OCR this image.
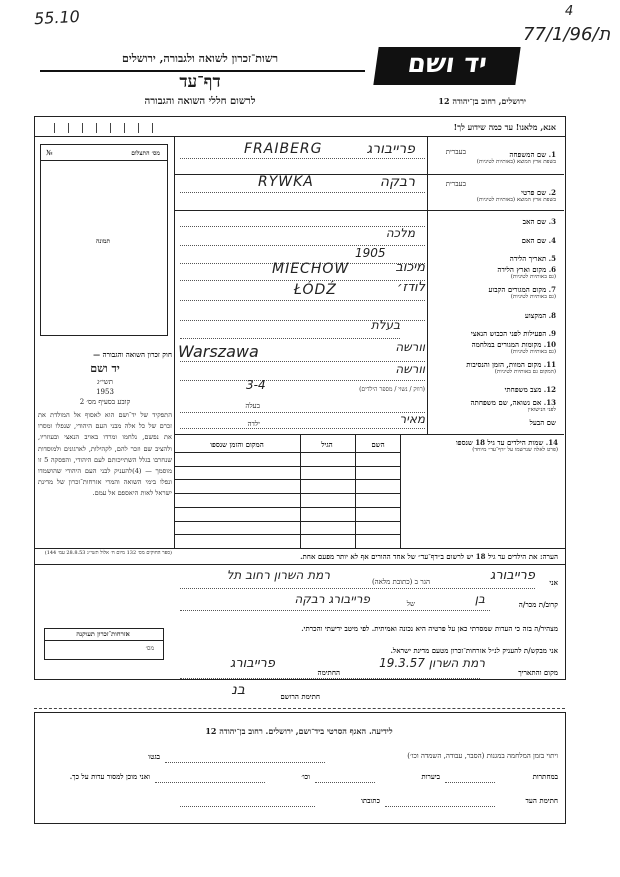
55.10
ת/77/1/96
4
רשות־זכרון לשואה ולגבורה, ירושלים
דף־עד
לרשום חללי השואה והגבורה
יד ושם
ירושלים, רחוב בן־יהודה 12
אנא, מלאנו! עד כמה שידוע לך!
№	מס׳ התצלום
תמונה
חוק זכרון השואה והגבורה —
יד ושם
תשי״ג
1953
קובע בסעיף מס׳ 2
התפקיד של יד־ושם הוא לאסוף אל המולדת את זכרם של כל אלה מבני העם היהודי, שנפלו ומסרו את נפשם, נלחמו ומרדו באויב הנאצי ובעוזריו, ולהציב שם וזכר להם, לקהילות, לארגונים ולמוסדות שנחרבו בגלל השתייכותם לעם היהודי, והפסקה 5 זו מוסמך — (4)להעניק לבני העם היהודי שהושמדו ונפלו בימי השואה והמרי אזרחות־זכרון של מדינת ישראל לאות היאספם אל עמם.
(ספר החוקים מס׳ 132 מיום ח׳ אלול תשי״ג 28.8.53 עמ׳ 144)
אזרחות־זכרון תעוקנה
מס׳
1. שם המשפחה
בשפת ארץ המוצא (באותיות לטיניות)
בעברית
פרייבורג
FRAIBERG
2. שם פרטי
בשפת ארץ המוצא (באותיות לטיניות)
בעברית
רבקה
RYWKA
3. שם האב
4. שם האם
מלכה
5. תאריך הלידה
1905
6. מקום וארץ הלידה
(גם באותיות לטיניות)
מיכוב
MIECHOW
7. מקום המגורים הקבוע
(גם באותיות לטיניות)
לודז׳
ŁÓDŹ
8. המקצוע
9. הפעילות לפני הכבוש הנאצי
בעלת
10. מקומות המגורים במלחמה
(גם באותיות לטיניות)
וורשה
Warszawa
11. מקום המוות, הזמן והנסיבות
(המקום גם באותיות לטיניות)
וורשה
12. מצב משפחתי
(רווק / נשוי / מספר הילדים)
3-4
13. אם נשואה, שם משפחתה
לפני הנישואין
בעלה
שם הבעל
מאיר
ילדה
14. שמות הילדים עד גיל 18 שנספו
(פרט לאלה שנרשמו על ״דף־עד״ מיוחד)
השם
הגיל
המקום והזמן שנספו
הערה: את הילדים עד גיל 18 יש לרשום ב״דף־עד״ של אחד ההורים אף לא יותר מפעם אחת.
אני
פרייבורג
הגר ב (כתובת מלאה)
רמת השרון רחוב תל
קרוב/ת מכר/ה
בן
של
פרייבורג רבקה
מצהיר/ה בזה כי העדות שמסרתי כאן על פרטיה היא נכונה ואמיתית. לפי מיטב ידיעתי והכרתי.
אני מבקש/ת להעניק לנ״ל אזרחות־זכרון מטעם מדינת ישראל.
מקום והתאריך
רמת השרון 19.3.57
החתימה
פרייבורג
חתימת הרושם
בנ
לידיעה. האגף הסרטי ביד־ושם, ירושלים. רחוב בן־יהודה 12
ויתוי בזמן המלחמה במגנות (הסבר, עבודה, השמדה וכו׳)
בגטו
במחתרות
ביערות
וכו׳
ואני מוכן למסור עדות על כך.
חתימת העד
כתובתו
